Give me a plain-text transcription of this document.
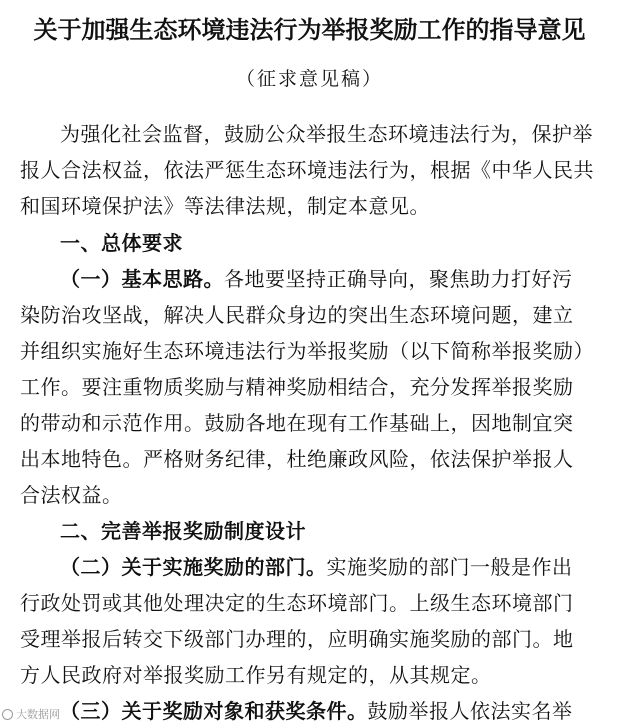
关于加强生态环境违法行为举报奖励工作的指导意见
（征求意见稿）
为强化社会监督，鼓励公众举报生态环境违法行为，保护举
报人合法权益，依法严惩生态环境违法行为，根据《中华人民共
和国环境保护法》等法律法规，制定本意见。
一、总体要求
（一）基本思路。各地要坚持正确导向，聚焦助力打好污
染防治攻坚战，解决人民群众身边的突出生态环境问题，建立
并组织实施好生态环境违法行为举报奖励（以下简称举报奖励）
工作。要注重物质奖励与精神奖励相结合，充分发挥举报奖励
的带动和示范作用。鼓励各地在现有工作基础上，因地制宜突
出本地特色。严格财务纪律，杜绝廉政风险，依法保护举报人
合法权益。
二、完善举报奖励制度设计
（二）关于实施奖励的部门。实施奖励的部门一般是作出
行政处罚或其他处理决定的生态环境部门。上级生态环境部门
受理举报后转交下级部门办理的，应明确实施奖励的部门。地
方人民政府对举报奖励工作另有规定的，从其规定。
（三）关于奖励对象和获奖条件。鼓励举报人依法实名举
大数据网
